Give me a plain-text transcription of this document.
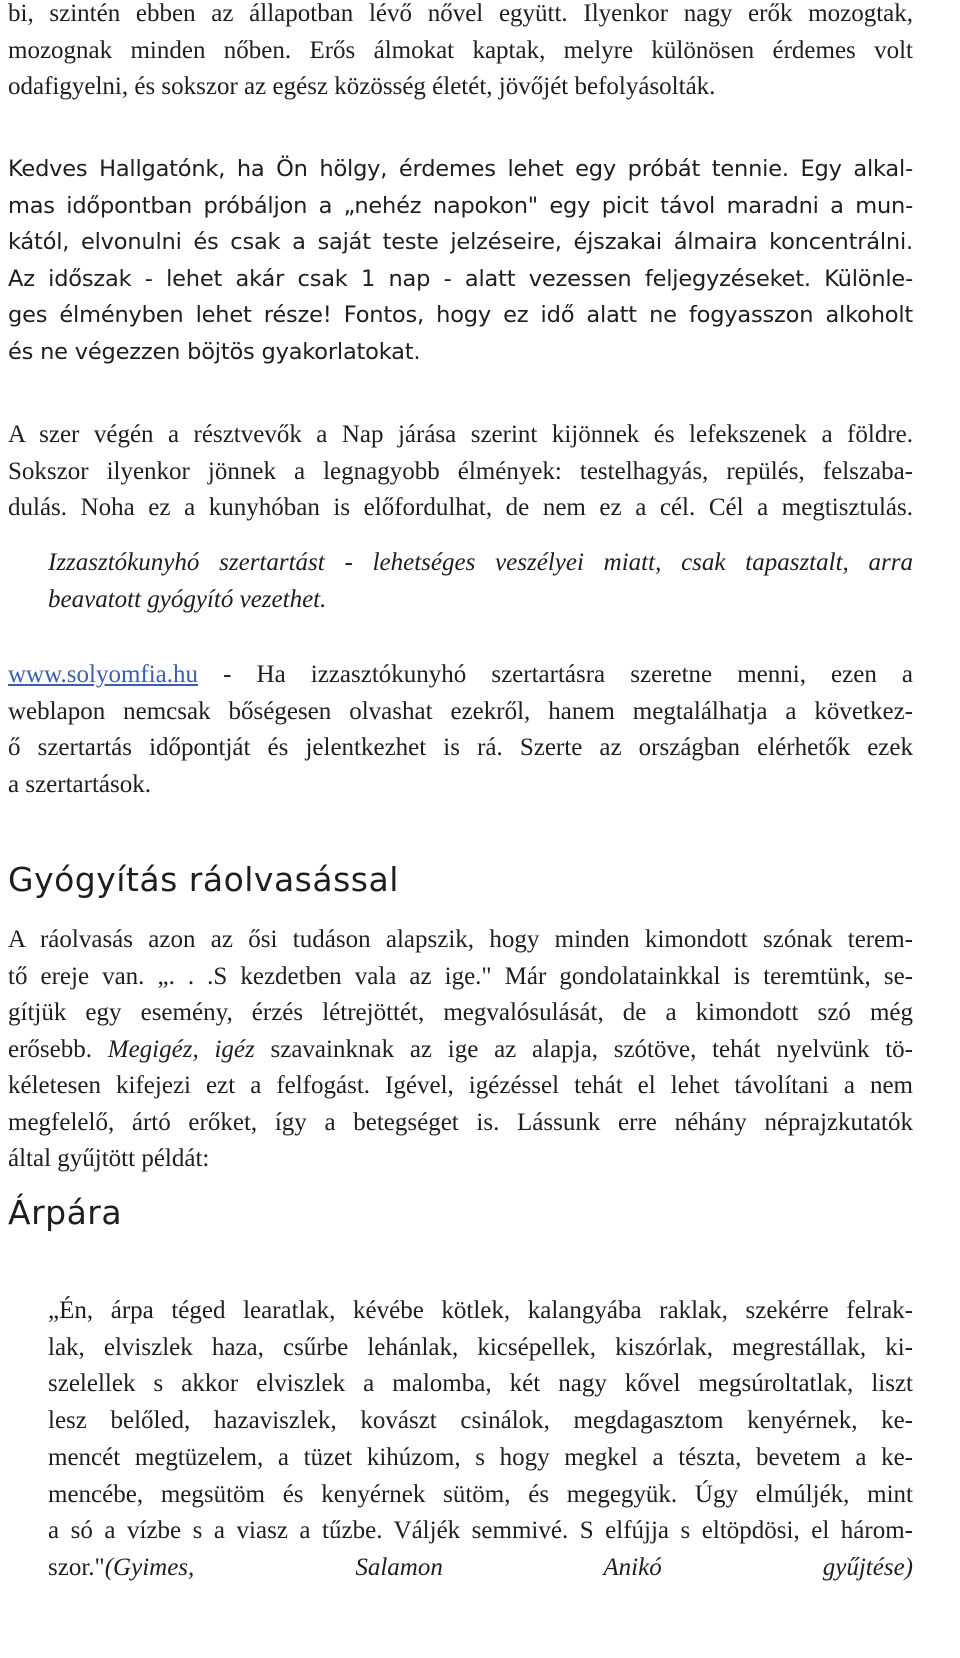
bi, szintén ebben az állapotban lévő nővel együtt. Ilyenkor nagy erők mozogtak,
mozognak minden nőben. Erős álmokat kaptak, melyre különösen érdemes volt
odafigyelni, és sokszor az egész közösség életét, jövőjét befolyásolták.
Kedves Hallgatónk, ha Ön hölgy, érdemes lehet egy próbát tennie. Egy alkal-
mas időpontban próbáljon a „nehéz napokon" egy picit távol maradni a mun-
kától, elvonulni és csak a saját teste jelzéseire, éjszakai álmaira koncentrálni.
Az időszak - lehet akár csak 1 nap - alatt vezessen feljegyzéseket. Különle-
ges élményben lehet része! Fontos, hogy ez idő alatt ne fogyasszon alkoholt
és ne végezzen böjtös gyakorlatokat.
A szer végén a résztvevők a Nap járása szerint kijönnek és lefekszenek a földre.
Sokszor ilyenkor jönnek a legnagyobb élmények: testelhagyás, repülés, felszaba-
dulás. Noha ez a kunyhóban is előfordulhat, de nem ez a cél. Cél a megtisztulás.
Izzasztókunyhó szertartást - lehetséges veszélyei miatt, csak tapasztalt, arra
beavatott gyógyító vezethet.
www.solyomfia.hu - Ha izzasztókunyhó szertartásra szeretne menni, ezen a
weblapon nemcsak bőségesen olvashat ezekről, hanem megtalálhatja a következ-
ő szertartás időpontját és jelentkezhet is rá. Szerte az országban elérhetők ezek
a szertartások.
Gyógyítás ráolvasással
A ráolvasás azon az ősi tudáson alapszik, hogy minden kimondott szónak terem-
tő ereje van. „. . .S kezdetben vala az ige." Már gondolatainkkal is teremtünk, se-
gítjük egy esemény, érzés létrejöttét, megvalósulását, de a kimondott szó még
erősebb. Megigéz, igéz szavainknak az ige az alapja, szótöve, tehát nyelvünk tö-
kéletesen kifejezi ezt a felfogást. Igével, igézéssel tehát el lehet távolítani a nem
megfelelő, ártó erőket, így a betegséget is. Lássunk erre néhány néprajzkutatók
által gyűjtött példát:
Árpára
„Én, árpa téged learatlak, kévébe kötlek, kalangyába raklak, szekérre felrak-
lak, elviszlek haza, csűrbe lehánlak, kicsépellek, kiszórlak, megrestállak, ki-
szelellek s akkor elviszlek a malomba, két nagy kővel megsúroltatlak, liszt
lesz belőled, hazaviszlek, kovászt csinálok, megdagasztom kenyérnek, ke-
mencét megtüzelem, a tüzet kihúzom, s hogy megkel a tészta, bevetem a ke-
mencébe, megsütöm és kenyérnek sütöm, és megegyük. Úgy elmúljék, mint
a só a vízbe s a viasz a tűzbe. Váljék semmivé. S elfújja s eltöpdösi, el három-
szor."(Gyimes, Salamon Anikó gyűjtése)
